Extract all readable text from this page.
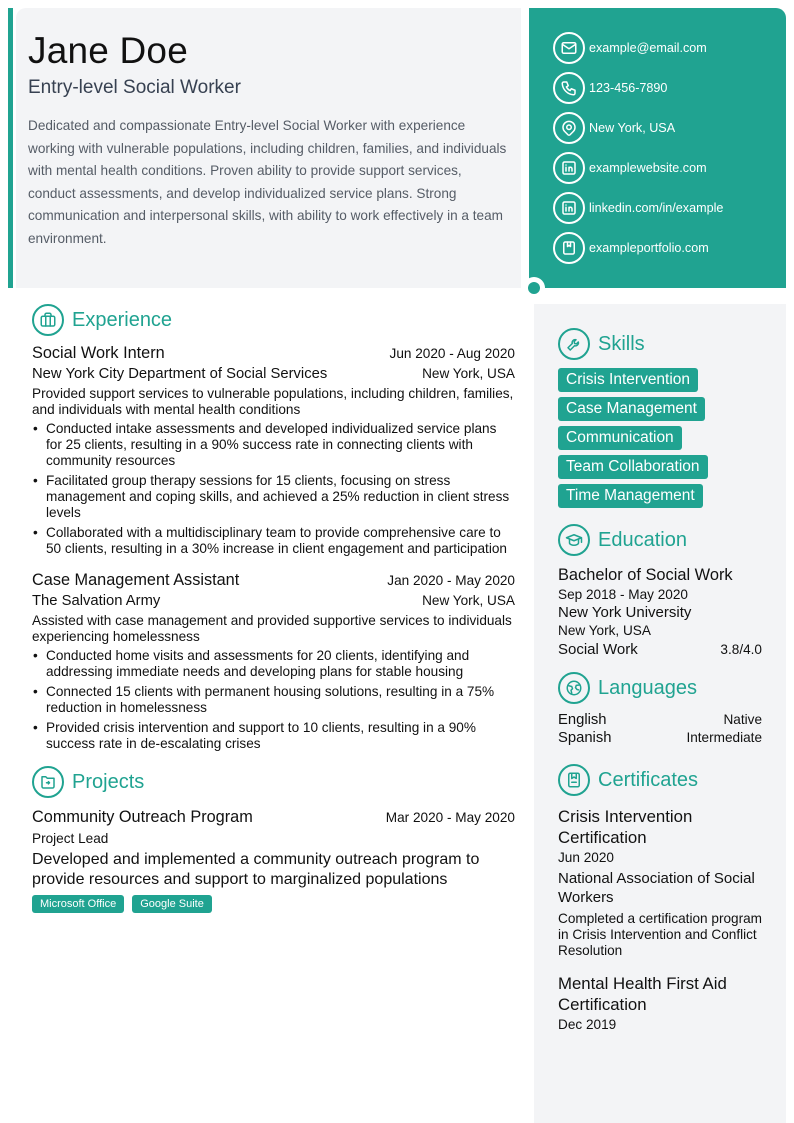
Jane Doe
Entry-level Social Worker

Dedicated and compassionate Entry-level Social Worker with experience working with vulnerable populations, including children, families, and individuals with mental health conditions. Proven ability to provide support services, conduct assessments, and develop individualized service plans. Strong communication and interpersonal skills, with ability to work effectively in a team environment.

example@email.com
123-456-7890
New York, USA
examplewebsite.com
linkedin.com/in/example
exampleportfolio.com
Experience
Social Work Intern	Jun 2020 - Aug 2020
New York City Department of Social Services	New York, USA

Provided support services to vulnerable populations, including children, families, and individuals with mental health conditions

• Conducted intake assessments and developed individualized service plans for 25 clients, resulting in a 90% success rate in connecting clients with community resources
• Facilitated group therapy sessions for 15 clients, focusing on stress management and coping skills, and achieved a 25% reduction in client stress levels
• Collaborated with a multidisciplinary team to provide comprehensive care to 50 clients, resulting in a 30% increase in client engagement and participation
Case Management Assistant	Jan 2020 - May 2020
The Salvation Army	New York, USA

Assisted with case management and provided supportive services to individuals experiencing homelessness

• Conducted home visits and assessments for 20 clients, identifying and addressing immediate needs and developing plans for stable housing
• Connected 15 clients with permanent housing solutions, resulting in a 75% reduction in homelessness
• Provided crisis intervention and support to 10 clients, resulting in a 90% success rate in de-escalating crises
Projects
Community Outreach Program	Mar 2020 - May 2020
Project Lead

Developed and implemented a community outreach program to provide resources and support to marginalized populations

Microsoft Office	Google Suite
Skills
Crisis Intervention
Case Management
Communication
Team Collaboration
Time Management
Education
Bachelor of Social Work
Sep 2018 - May 2020
New York University
New York, USA
Social Work	3.8/4.0
Languages
English	Native
Spanish	Intermediate
Certificates
Crisis Intervention Certification
Jun 2020
National Association of Social Workers
Completed a certification program in Crisis Intervention and Conflict Resolution
Mental Health First Aid Certification
Dec 2019
